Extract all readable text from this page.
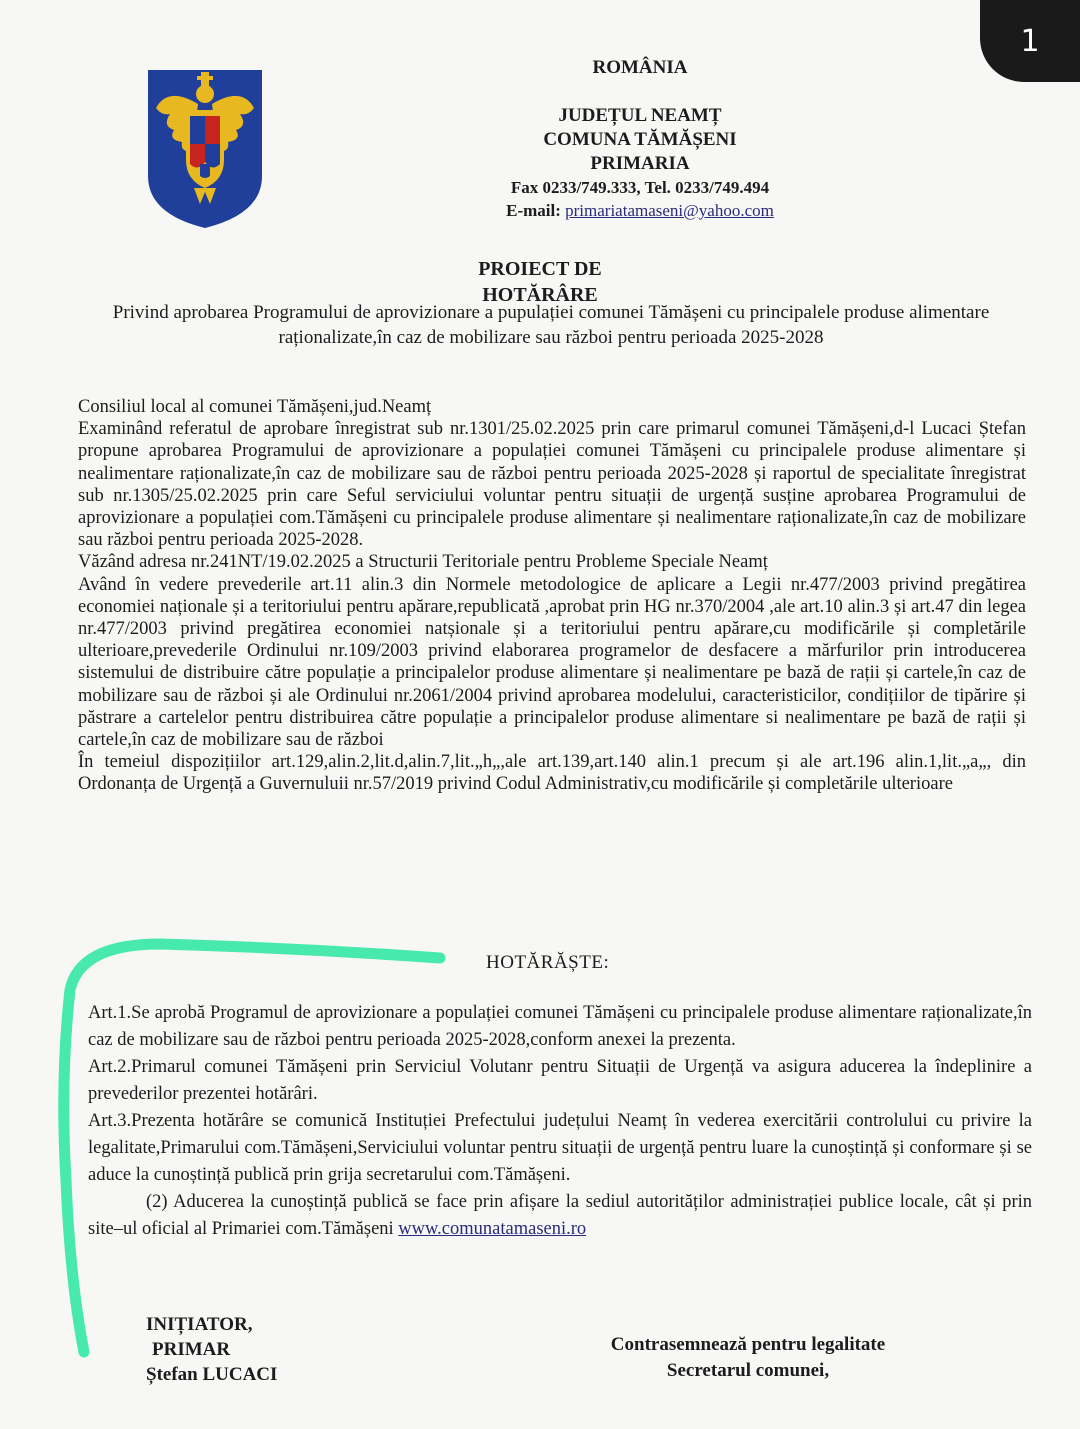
1
ROMÂNIA
JUDEȚUL NEAMȚ
COMUNA TĂMĂȘENI
PRIMARIA
Fax 0233/749.333, Tel. 0233/749.494
E-mail: primariatamaseni@yahoo.com
PROIECT DE
HOTĂRÂRE
Privind aprobarea Programului de aprovizionare a pupulației comunei Tămășeni cu principalele produse alimentare raționalizate,în caz de mobilizare sau război pentru perioada 2025-2028

Consiliul local al comunei Tămășeni,jud.Neamț

Examinând referatul de aprobare înregistrat sub nr.1301/25.02.2025 prin care primarul comunei Tămășeni,d-l Lucaci Ștefan propune aprobarea Programului de aprovizionare a populației comunei Tămășeni cu principalele produse alimentare și nealimentare raționalizate,în caz de mobilizare sau de război pentru perioada 2025-2028 și raportul de specialitate înregistrat sub nr.1305/25.02.2025 prin care Seful serviciului voluntar pentru situații de urgență susține aprobarea Programului de aprovizionare a populației com.Tămășeni cu principalele produse alimentare și nealimentare raționalizate,în caz de mobilizare sau război pentru perioada 2025-2028.

Văzând adresa nr.241NT/19.02.2025 a Structurii Teritoriale pentru Probleme Speciale Neamț

Având în vedere prevederile art.11 alin.3 din Normele metodologice de aplicare a Legii nr.477/2003 privind pregătirea economiei naționale și a teritoriului pentru apărare,republicată ,aprobat prin HG nr.370/2004 ,ale art.10 alin.3 și art.47 din legea nr.477/2003 privind pregătirea economiei natșionale și a teritoriului pentru apărare,cu modificările și completările ulterioare,prevederile Ordinului nr.109/2003 privind elaborarea programelor de desfacere a mărfurilor prin introducerea sistemului de distribuire către populație a principalelor produse alimentare și nealimentare pe bază de rații și cartele,în caz de mobilizare sau de război și ale Ordinului nr.2061/2004 privind aprobarea modelului, caracteristicilor, condițiilor de tipărire și păstrare a cartelelor pentru distribuirea către populație a principalelor produse alimentare si nealimentare pe bază de rații și cartele,în caz de mobilizare sau de război

În temeiul dispozițiilor art.129,alin.2,lit.d,alin.7,lit.„h„,ale art.139,art.140 alin.1 precum și ale art.196 alin.1,lit.„a„, din Ordonanța de Urgență a Guvernuluii nr.57/2019 privind Codul Administrativ,cu modificările și completările ulterioare

HOTĂRĂȘTE:

Art.1.Se aprobă Programul de aprovizionare a populației comunei Tămășeni cu principalele produse alimentare raționalizate,în caz de mobilizare sau de război pentru perioada 2025-2028,conform anexei la prezenta.

Art.2.Primarul comunei Tămășeni prin Serviciul Volutanr pentru Situații de Urgență va asigura aducerea la îndeplinire a prevederilor prezentei hotărâri.

Art.3.Prezenta hotărâre se comunică Instituției Prefectului județului Neamț în vederea exercitării controlului cu privire la legalitate,Primarului com.Tămășeni,Serviciului voluntar pentru situații de urgență pentru luare la cunoștință și conformare și se aduce la cunoștință publică prin grija secretarului com.Tămășeni.

(2) Aducerea la cunoștință publică se face prin afișare la sediul autorităților administrației publice locale, cât și prin site–ul oficial al Primariei com.Tămășeni www.comunatamaseni.ro

INIȚIATOR,
PRIMAR
Ștefan LUCACI
Contrasemnează pentru legalitate
Secretarul comunei,
